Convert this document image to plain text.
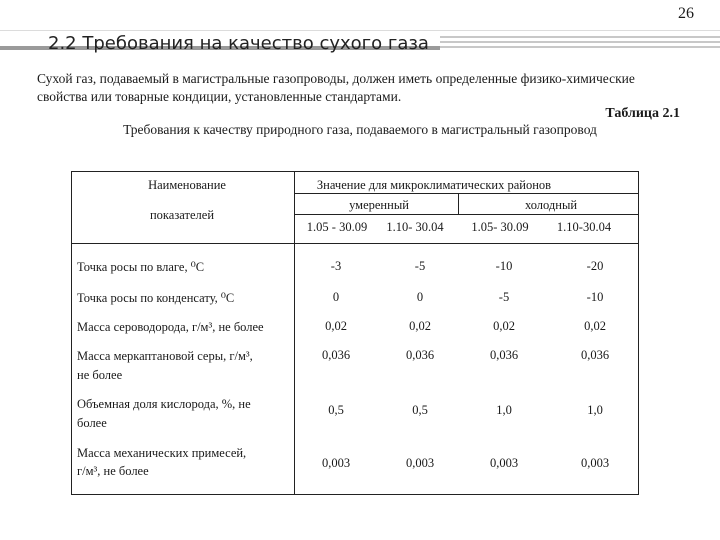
26
2.2 Требования на качество сухого газа
Сухой газ, подаваемый в магистральные газопроводы, должен иметь определенные физико-химические свойства или товарные кондиции, установленные стандартами.
Таблица 2.1
Требования к качеству природного газа, подаваемого в магистральный газопровод
Наименование
показателей
Значение для микроклиматических районов
умеренный	холодный
1.05 - 30.09 1.10- 30.04 1.05- 30.09 1.10-30.04
Точка росы по влаге, ⁰С	-3	-5	-10	-20
Точка росы по конденсату, ⁰С	0	0	-5	-10
Масса сероводорода, г/м³, не более	0,02	0,02	0,02	0,02
Масса меркаптановой серы, г/м³,
не более
0,036	0,036	0,036	0,036
Объемная доля кислорода, %, не
более
0,5	0,5	1,0	1,0
Масса механических примесей,
г/м³, не более
0,003	0,003	0,003	0,003
